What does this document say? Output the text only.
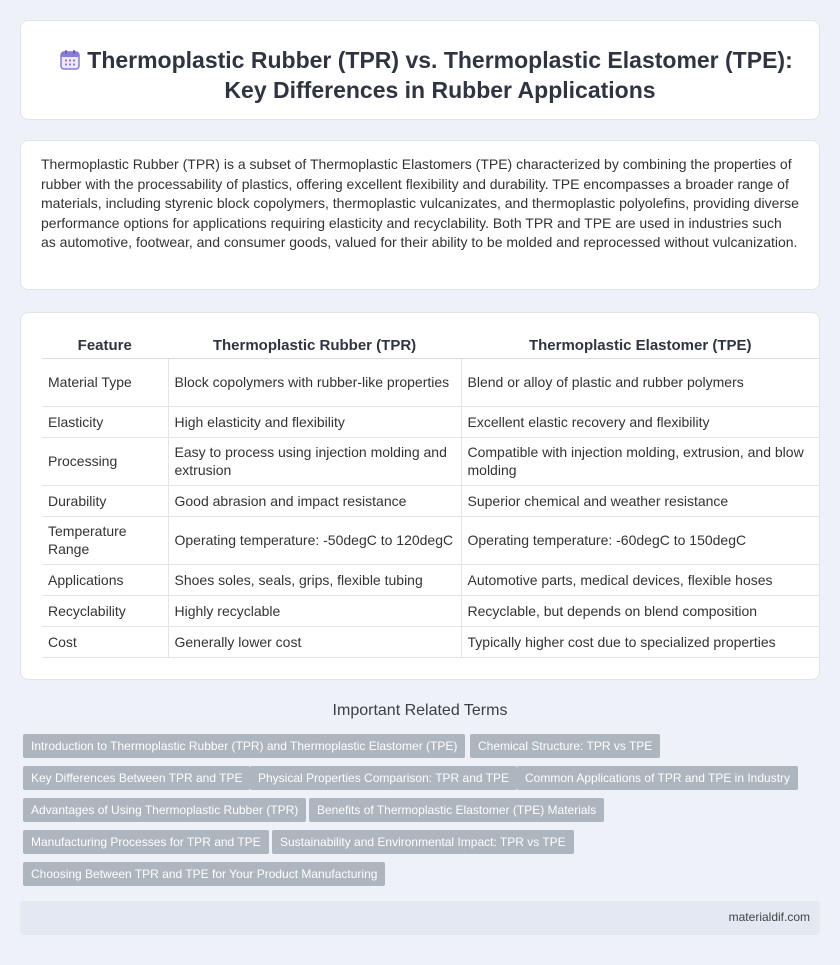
Thermoplastic Rubber (TPR) vs. Thermoplastic Elastomer (TPE):
Key Differences in Rubber Applications

Thermoplastic Rubber (TPR) is a subset of Thermoplastic Elastomers (TPE) characterized by combining the properties of rubber with the processability of plastics, offering excellent flexibility and durability. TPE encompasses a broader range of materials, including styrenic block copolymers, thermoplastic vulcanizates, and thermoplastic polyolefins, providing diverse performance options for applications requiring elasticity and recyclability. Both TPR and TPE are used in industries such as automotive, footwear, and consumer goods, valued for their ability to be molded and reprocessed without vulcanization.

Feature	Thermoplastic Rubber (TPR)	Thermoplastic Elastomer (TPE)
Material Type	Block copolymers with rubber-like properties	Blend or alloy of plastic and rubber polymers
Elasticity	High elasticity and flexibility	Excellent elastic recovery and flexibility
Processing	Easy to process using injection molding and extrusion	Compatible with injection molding, extrusion, and blow molding
Durability	Good abrasion and impact resistance	Superior chemical and weather resistance
Temperature Range	Operating temperature: -50degC to 120degC	Operating temperature: -60degC to 150degC
Applications	Shoes soles, seals, grips, flexible tubing	Automotive parts, medical devices, flexible hoses
Recyclability	Highly recyclable	Recyclable, but depends on blend composition
Cost	Generally lower cost	Typically higher cost due to specialized properties
Important Related Terms
Introduction to Thermoplastic Rubber (TPR) and Thermoplastic Elastomer (TPE)	Chemical Structure: TPR vs TPE
Key Differences Between TPR and TPE	Physical Properties Comparison: TPR and TPE	Common Applications of TPR and TPE in Industry
Advantages of Using Thermoplastic Rubber (TPR)	Benefits of Thermoplastic Elastomer (TPE) Materials
Manufacturing Processes for TPR and TPE	Sustainability and Environmental Impact: TPR vs TPE
Choosing Between TPR and TPE for Your Product Manufacturing
materialdif.com
